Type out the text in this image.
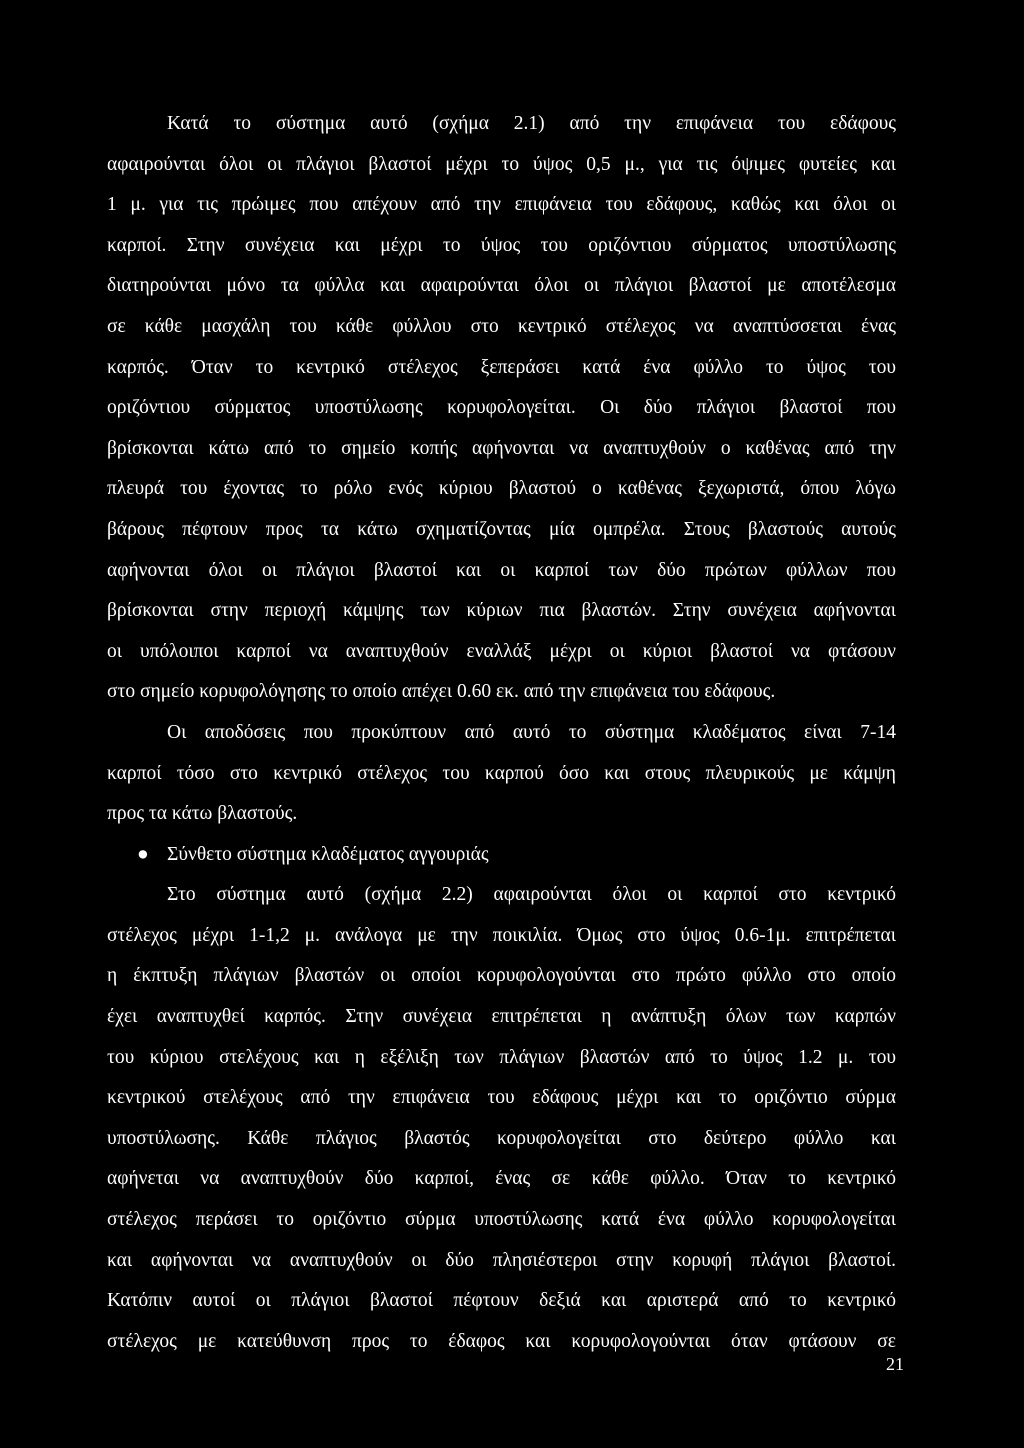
Κατά το σύστημα αυτό (σχήμα 2.1) από την επιφάνεια του εδάφους
αφαιρούνται όλοι οι πλάγιοι βλαστοί μέχρι το ύψος 0,5 μ., για τις όψιμες φυτείες και
1 μ. για τις πρώιμες που απέχουν από την επιφάνεια του εδάφους, καθώς και όλοι οι
καρποί. Στην συνέχεια και μέχρι το ύψος του οριζόντιου σύρματος υποστύλωσης
διατηρούνται μόνο τα φύλλα και αφαιρούνται όλοι οι πλάγιοι βλαστοί με αποτέλεσμα
σε κάθε μασχάλη του κάθε φύλλου στο κεντρικό στέλεχος να αναπτύσσεται ένας
καρπός. Όταν το κεντρικό στέλεχος ξεπεράσει κατά ένα φύλλο το ύψος του
οριζόντιου σύρματος υποστύλωσης κορυφολογείται. Οι δύο πλάγιοι βλαστοί που
βρίσκονται κάτω από το σημείο κοπής αφήνονται να αναπτυχθούν ο καθένας από την
πλευρά του έχοντας το ρόλο ενός κύριου βλαστού ο καθένας ξεχωριστά, όπου λόγω
βάρους πέφτουν προς τα κάτω σχηματίζοντας μία ομπρέλα. Στους βλαστούς αυτούς
αφήνονται όλοι οι πλάγιοι βλαστοί και οι καρποί των δύο πρώτων φύλλων που
βρίσκονται στην περιοχή κάμψης των κύριων πια βλαστών. Στην συνέχεια αφήνονται
οι υπόλοιποι καρποί να αναπτυχθούν εναλλάξ μέχρι οι κύριοι βλαστοί να φτάσουν
στο σημείο κορυφολόγησης το οποίο απέχει 0.60 εκ. από την επιφάνεια του εδάφους.
Οι αποδόσεις που προκύπτουν από αυτό το σύστημα κλαδέματος είναι 7-14
καρποί τόσο στο κεντρικό στέλεχος του καρπού όσο και στους πλευρικούς με κάμψη
προς τα κάτω βλαστούς.
● Σύνθετο σύστημα κλαδέματος αγγουριάς
Στο σύστημα αυτό (σχήμα 2.2) αφαιρούνται όλοι οι καρποί στο κεντρικό
στέλεχος μέχρι 1-1,2 μ. ανάλογα με την ποικιλία. Όμως στο ύψος 0.6-1μ. επιτρέπεται
η έκπτυξη πλάγιων βλαστών οι οποίοι κορυφολογούνται στο πρώτο φύλλο στο οποίο
έχει αναπτυχθεί καρπός. Στην συνέχεια επιτρέπεται η ανάπτυξη όλων των καρπών
του κύριου στελέχους και η εξέλιξη των πλάγιων βλαστών από το ύψος 1.2 μ. του
κεντρικού στελέχους από την επιφάνεια του εδάφους μέχρι και το οριζόντιο σύρμα
υποστύλωσης. Κάθε πλάγιος βλαστός κορυφολογείται στο δεύτερο φύλλο και
αφήνεται να αναπτυχθούν δύο καρποί, ένας σε κάθε φύλλο. Όταν το κεντρικό
στέλεχος περάσει το οριζόντιο σύρμα υποστύλωσης κατά ένα φύλλο κορυφολογείται
και αφήνονται να αναπτυχθούν οι δύο πλησιέστεροι στην κορυφή πλάγιοι βλαστοί.
Κατόπιν αυτοί οι πλάγιοι βλαστοί πέφτουν δεξιά και αριστερά από το κεντρικό
στέλεχος με κατεύθυνση προς το έδαφος και κορυφολογούνται όταν φτάσουν σε
21
